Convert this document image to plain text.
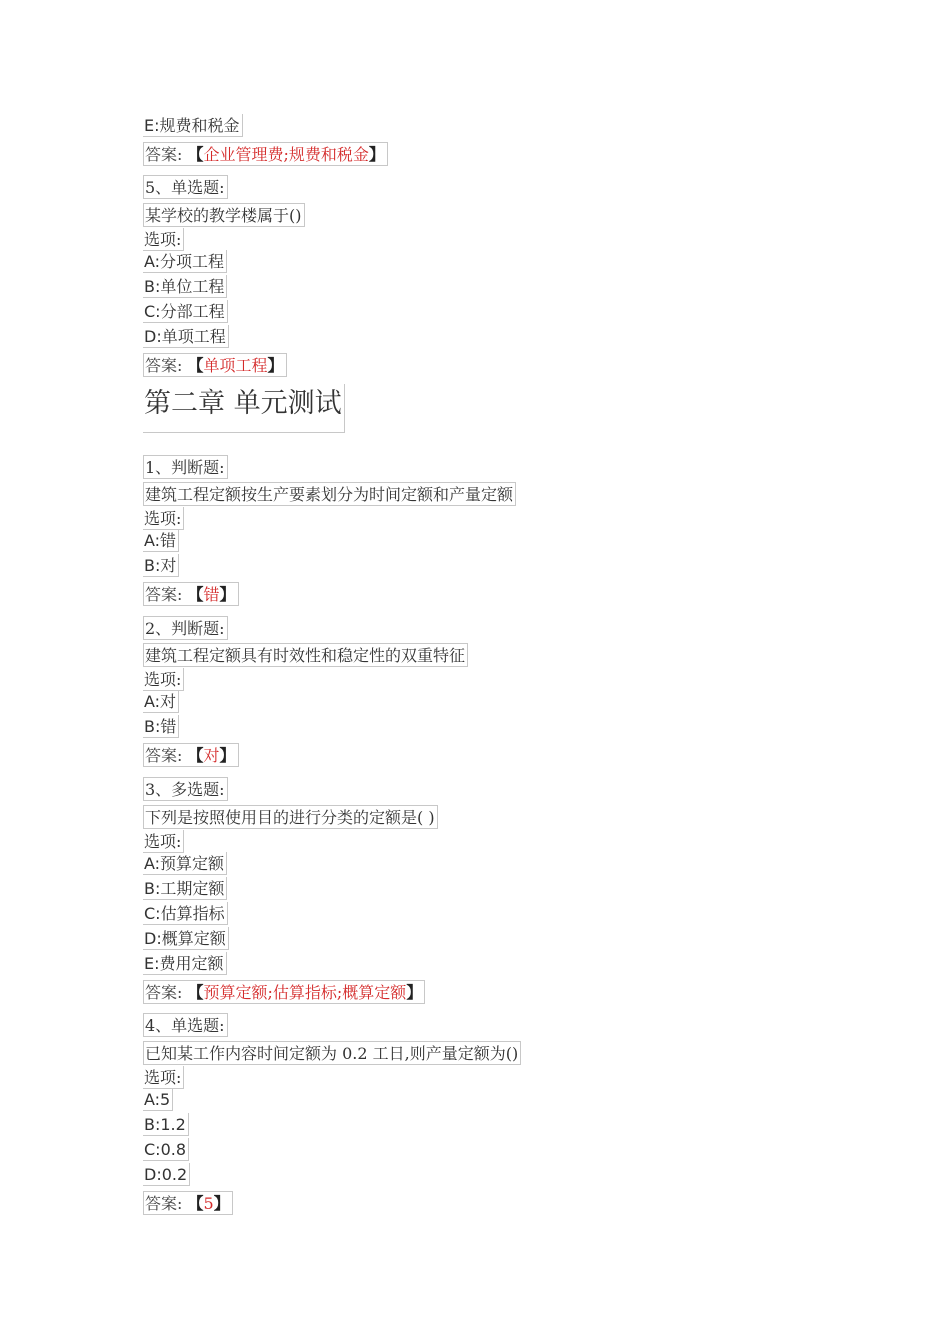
E:规费和税金
答案: 【企业管理费;规费和税金】
5、单选题:
某学校的教学楼属于()
选项:
A:分项工程
B:单位工程
C:分部工程
D:单项工程
答案: 【单项工程】
第二章 单元测试
1、判断题:
建筑工程定额按生产要素划分为时间定额和产量定额
选项:
A:错
B:对
答案: 【错】
2、判断题:
建筑工程定额具有时效性和稳定性的双重特征
选项:
A:对
B:错
答案: 【对】
3、多选题:
下列是按照使用目的进行分类的定额是( )
选项:
A:预算定额
B:工期定额
C:估算指标
D:概算定额
E:费用定额
答案: 【预算定额;估算指标;概算定额】
4、单选题:
已知某工作内容时间定额为 0.2 工日,则产量定额为()
选项:
A:5
B:1.2
C:0.8
D:0.2
答案: 【5】
